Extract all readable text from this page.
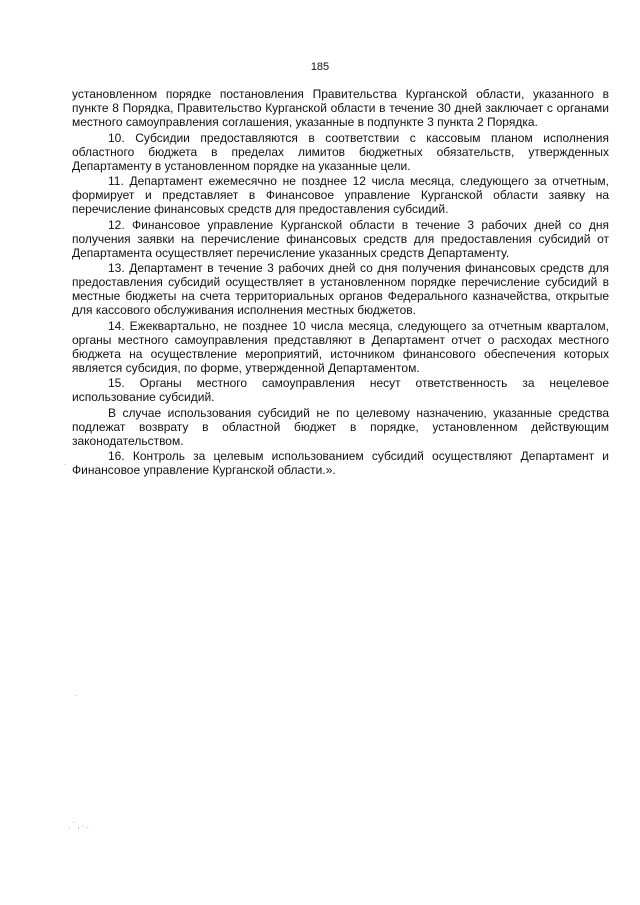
185

установленном порядке постановления Правительства Курганской области, указанного в пункте 8 Порядка, Правительство Курганской области в течение 30 дней заключает с органами местного самоуправления соглашения, указанные в подпункте 3 пункта 2 Порядка.

10. Субсидии предоставляются в соответствии с кассовым планом исполнения областного бюджета в пределах лимитов бюджетных обязательств, утвержденных Департаменту в установленном порядке на указанные цели.

11. Департамент ежемесячно не позднее 12 числа месяца, следующего за отчетным, формирует и представляет в Финансовое управление Курганской области заявку на перечисление финансовых средств для предоставления субсидий.

12. Финансовое управление Курганской области в течение 3 рабочих дней со дня получения заявки на перечисление финансовых средств для предоставления субсидий от Департамента осуществляет перечисление указанных средств Департаменту.

13. Департамент в течение 3 рабочих дней со дня получения финансовых средств для предоставления субсидий осуществляет в установленном порядке перечисление субсидий в местные бюджеты на счета территориальных органов Федерального казначейства, открытые для кассового обслуживания исполнения местных бюджетов.

14. Ежеквартально, не позднее 10 числа месяца, следующего за отчетным кварталом, органы местного самоуправления представляют в Департамент отчет о расходах местного бюджета на осуществление мероприятий, источником финансового обеспечения которых является субсидия, по форме, утвержденной Департаментом.

15. Органы местного самоуправления несут ответственность за нецелевое использование субсидий.

В случае использования субсидий не по целевому назначению, указанные средства подлежат возврату в областной бюджет в порядке, установленном действующим законодательством.

16. Контроль за целевым использованием субсидий осуществляют Департамент и Финансовое управление Курганской области.».

.
.
. ` , · .
